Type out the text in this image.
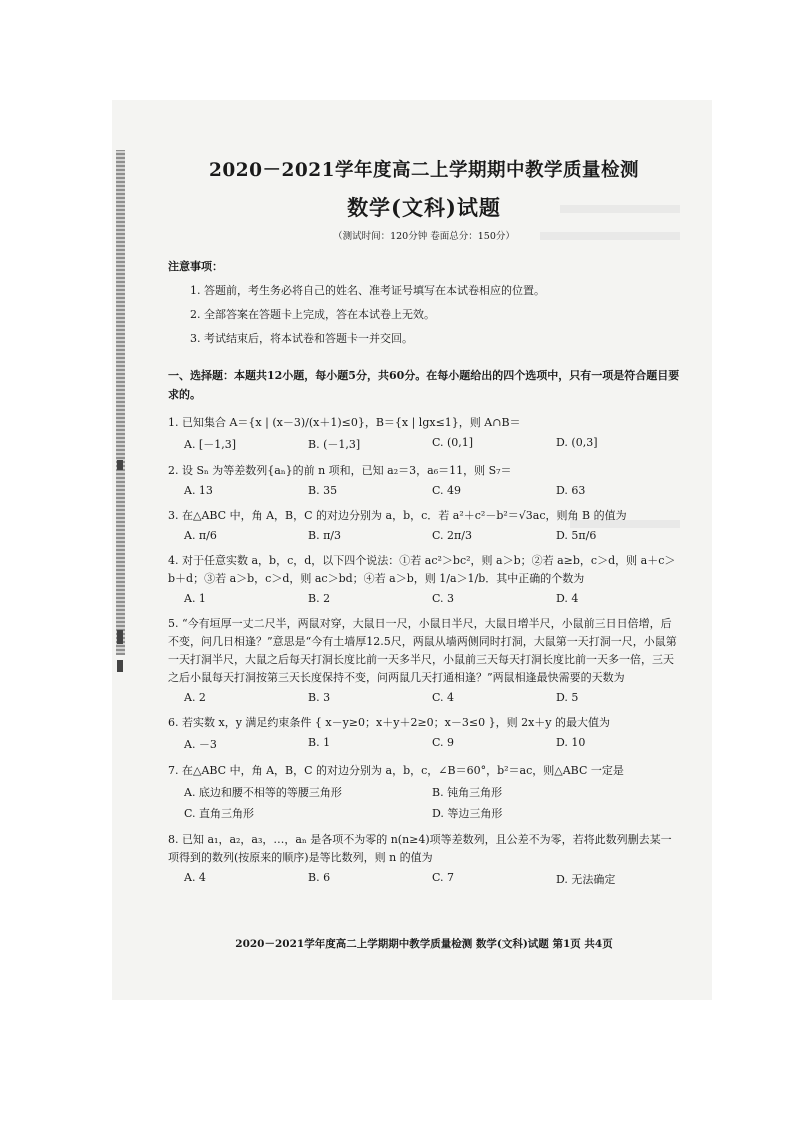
2020－2021学年度高二上学期期中教学质量检测
数学(文科)试题

（测试时间：120分钟 卷面总分：150分）

注意事项：

1. 答题前，考生务必将自己的姓名、准考证号填写在本试卷相应的位置。

2. 全部答案在答题卡上完成，答在本试卷上无效。

3. 考试结束后，将本试卷和答题卡一并交回。

一、选择题：本题共12小题，每小题5分，共60分。在每小题给出的四个选项中，只有一项是符合题目要求的。

1. 已知集合 A＝{x | (x－3)/(x＋1)≤0}，B＝{x | lgx≤1}，则 A∩B＝

A. [－1,3]	B. (－1,3]	C. (0,1]	D. (0,3]

2. 设 Sₙ 为等差数列{aₙ}的前 n 项和，已知 a₂＝3，a₆＝11，则 S₇＝

A. 13	B. 35	C. 49	D. 63

3. 在△ABC 中，角 A，B，C 的对边分别为 a，b，c．若 a²＋c²－b²＝√3ac，则角 B 的值为

A. π/6	B. π/3	C. 2π/3	D. 5π/6

4. 对于任意实数 a，b，c，d，以下四个说法：①若 ac²＞bc²，则 a＞b；②若 a≥b，c＞d，则 a＋c＞b＋d；③若 a＞b，c＞d，则 ac＞bd；④若 a＞b，则 1/a＞1/b．其中正确的个数为

A. 1	B. 2	C. 3	D. 4

5. “今有垣厚一丈二尺半，两鼠对穿，大鼠日一尺，小鼠日半尺，大鼠日增半尺，小鼠前三日日倍增，后不变，问几日相逢？”意思是“今有土墙厚12.5尺，两鼠从墙两侧同时打洞，大鼠第一天打洞一尺，小鼠第一天打洞半尺，大鼠之后每天打洞长度比前一天多半尺，小鼠前三天每天打洞长度比前一天多一倍，三天之后小鼠每天打洞按第三天长度保持不变，问两鼠几天打通相逢？”两鼠相逢最快需要的天数为

A. 2	B. 3	C. 4	D. 5

6. 若实数 x，y 满足约束条件 { x－y≥0；x＋y＋2≥0；x－3≤0 }，则 2x＋y 的最大值为

A. －3	B. 1	C. 9	D. 10

7. 在△ABC 中，角 A，B，C 的对边分别为 a，b，c，∠B＝60°，b²＝ac，则△ABC 一定是

A. 底边和腰不相等的等腰三角形	B. 钝角三角形
C. 直角三角形	D. 等边三角形

8. 已知 a₁，a₂，a₃，…，aₙ 是各项不为零的 n(n≥4)项等差数列，且公差不为零，若将此数列删去某一项得到的数列(按原来的顺序)是等比数列，则 n 的值为

A. 4	B. 6	C. 7	D. 无法确定
2020－2021学年度高二上学期期中教学质量检测 数学(文科)试题 第1页 共4页
